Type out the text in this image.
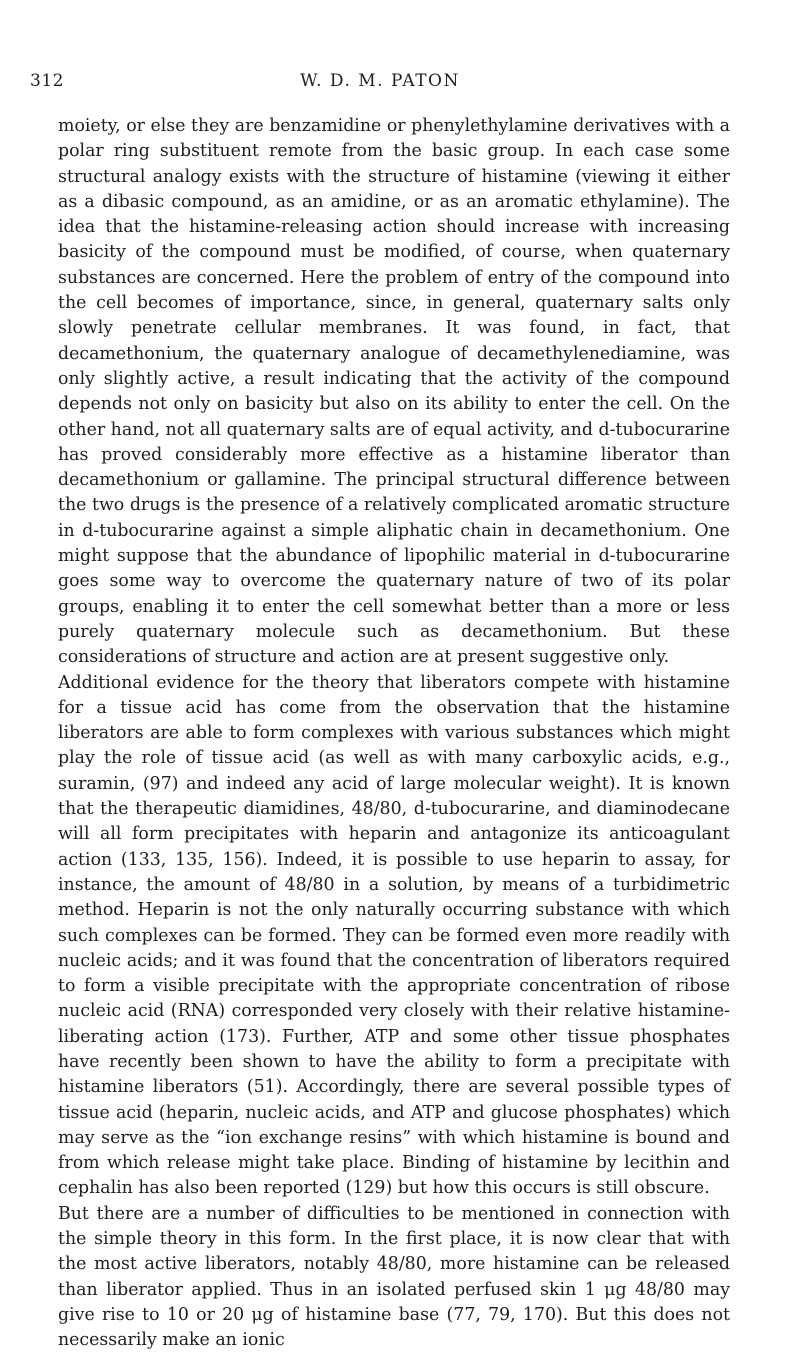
312	W. D. M. PATON

moiety, or else they are benzamidine or phenylethylamine derivatives with a polar ring substituent remote from the basic group. In each case some structural analogy exists with the structure of histamine (viewing it either as a dibasic compound, as an amidine, or as an aromatic ethylamine). The idea that the histamine-releasing action should increase with increasing basicity of the compound must be modified, of course, when quaternary substances are concerned. Here the problem of entry of the compound into the cell becomes of importance, since, in general, quaternary salts only slowly penetrate cellular membranes. It was found, in fact, that decamethonium, the quaternary analogue of decamethylenediamine, was only slightly active, a result indicating that the activity of the compound depends not only on basicity but also on its ability to enter the cell. On the other hand, not all quaternary salts are of equal activity, and d-tubocurarine has proved considerably more effective as a histamine liberator than decamethonium or gallamine. The principal structural difference between the two drugs is the presence of a relatively complicated aromatic structure in d-tubocurarine against a simple aliphatic chain in decamethonium. One might suppose that the abundance of lipophilic material in d-tubocurarine goes some way to overcome the quaternary nature of two of its polar groups, enabling it to enter the cell somewhat better than a more or less purely quaternary molecule such as decamethonium. But these considerations of structure and action are at present suggestive only.

Additional evidence for the theory that liberators compete with histamine for a tissue acid has come from the observation that the histamine liberators are able to form complexes with various substances which might play the role of tissue acid (as well as with many carboxylic acids, e.g., suramin, (97) and indeed any acid of large molecular weight). It is known that the therapeutic diamidines, 48/80, d-tubocurarine, and diaminodecane will all form precipitates with heparin and antagonize its anticoagulant action (133, 135, 156). Indeed, it is possible to use heparin to assay, for instance, the amount of 48/80 in a solution, by means of a turbidimetric method. Heparin is not the only naturally occurring substance with which such complexes can be formed. They can be formed even more readily with nucleic acids; and it was found that the concentration of liberators required to form a visible precipitate with the appropriate concentration of ribose nucleic acid (RNA) corresponded very closely with their relative histamine-liberating action (173). Further, ATP and some other tissue phosphates have recently been shown to have the ability to form a precipitate with histamine liberators (51). Accordingly, there are several possible types of tissue acid (heparin, nucleic acids, and ATP and glucose phosphates) which may serve as the “ion exchange resins” with which histamine is bound and from which release might take place. Binding of histamine by lecithin and cephalin has also been reported (129) but how this occurs is still obscure.

But there are a number of difficulties to be mentioned in connection with the simple theory in this form. In the first place, it is now clear that with the most active liberators, notably 48/80, more histamine can be released than liberator applied. Thus in an isolated perfused skin 1 μg 48/80 may give rise to 10 or 20 μg of histamine base (77, 79, 170). But this does not necessarily make an ionic
